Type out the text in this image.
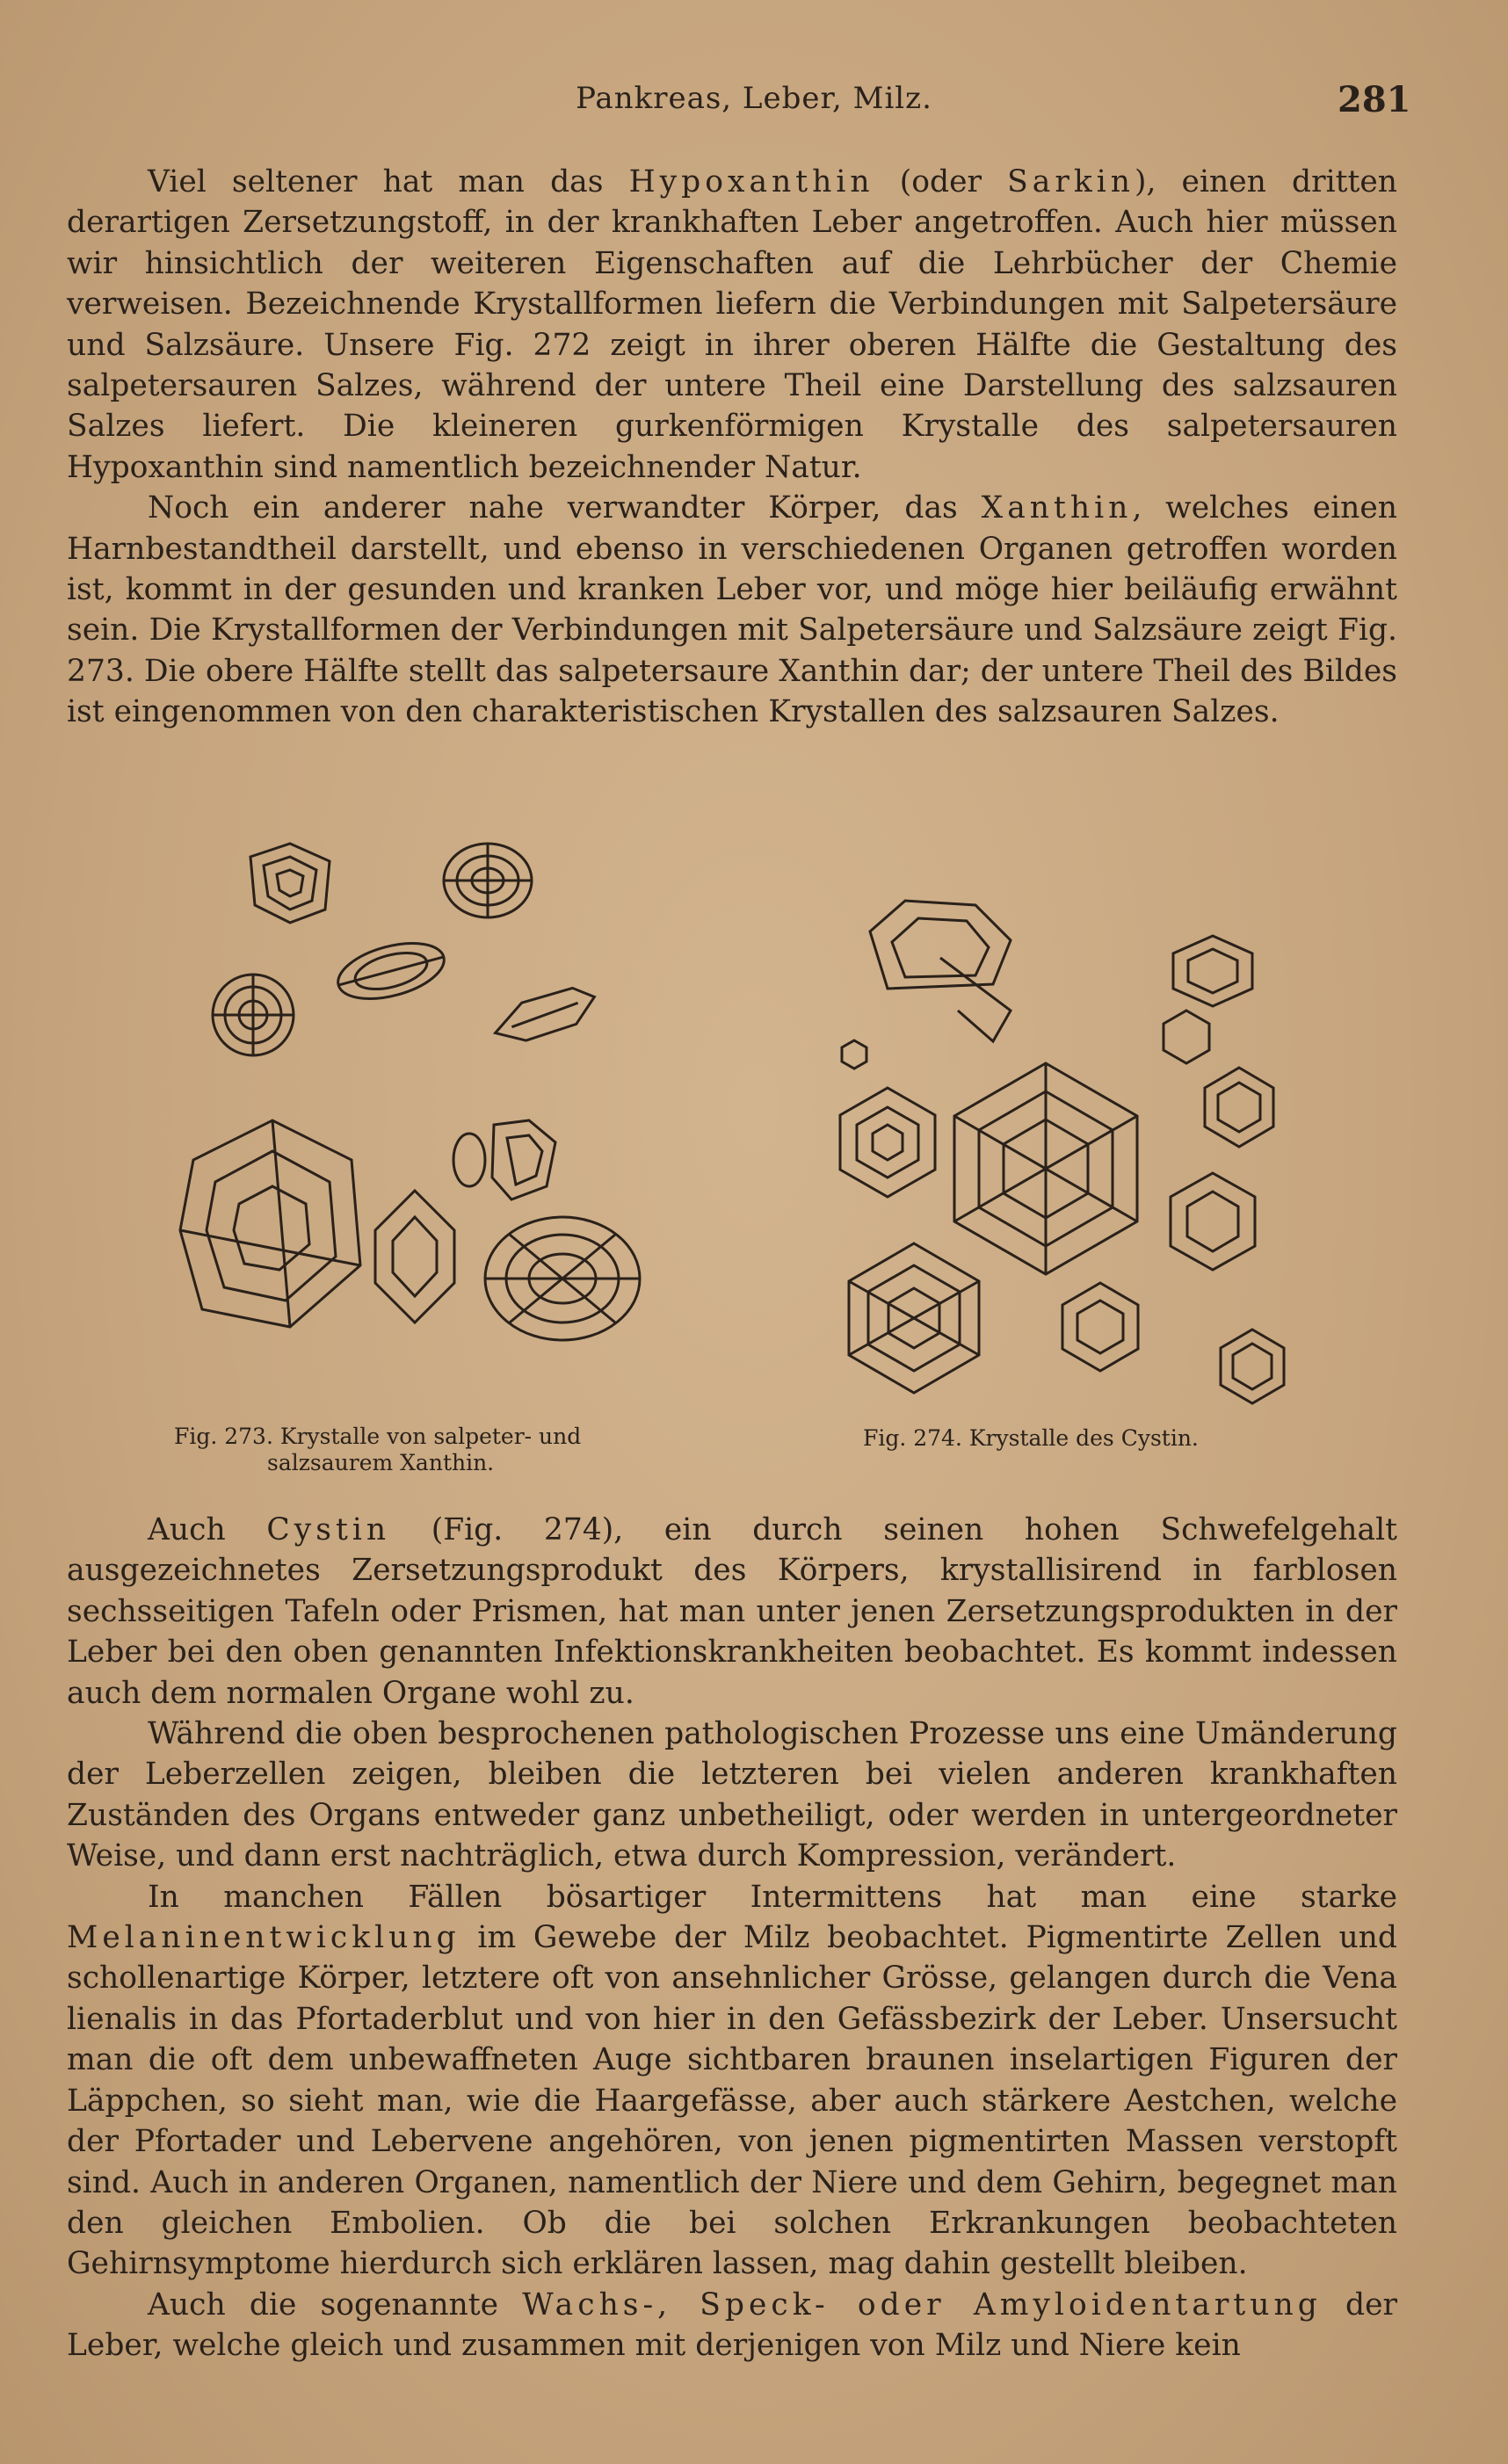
Pankreas, Leber, Milz.	281

Viel seltener hat man das Hypoxanthin (oder Sarkin), einen dritten derartigen Zersetzungstoff, in der krankhaften Leber angetroffen. Auch hier müssen wir hinsichtlich der weiteren Eigenschaften auf die Lehrbücher der Chemie verweisen. Bezeichnende Krystallformen liefern die Verbindungen mit Salpetersäure und Salzsäure. Unsere Fig. 272 zeigt in ihrer oberen Hälfte die Gestaltung des salpetersauren Salzes, während der untere Theil eine Darstellung des salzsauren Salzes liefert. Die kleineren gurkenförmigen Krystalle des salpetersauren Hypoxanthin sind namentlich bezeichnender Natur.

Noch ein anderer nahe verwandter Körper, das Xanthin, welches einen Harnbestandtheil darstellt, und ebenso in verschiedenen Organen getroffen worden ist, kommt in der gesunden und kranken Leber vor, und möge hier beiläufig erwähnt sein. Die Krystallformen der Verbindungen mit Salpetersäure und Salzsäure zeigt Fig. 273. Die obere Hälfte stellt das salpetersaure Xanthin dar; der untere Theil des Bildes ist eingenommen von den charakteristischen Krystallen des salzsauren Salzes.

Fig. 273. Krystalle von salpeter- und
salzsaurem Xanthin.
Fig. 274. Krystalle des Cystin.

Auch Cystin (Fig. 274), ein durch seinen hohen Schwefelgehalt ausgezeichnetes Zersetzungsprodukt des Körpers, krystallisirend in farblosen sechsseitigen Tafeln oder Prismen, hat man unter jenen Zersetzungsprodukten in der Leber bei den oben genannten Infektionskrankheiten beobachtet. Es kommt indessen auch dem normalen Organe wohl zu.

Während die oben besprochenen pathologischen Prozesse uns eine Umänderung der Leberzellen zeigen, bleiben die letzteren bei vielen anderen krankhaften Zuständen des Organs entweder ganz unbetheiligt, oder werden in untergeordneter Weise, und dann erst nachträglich, etwa durch Kompression, verändert.

In manchen Fällen bösartiger Intermittens hat man eine starke Melaninentwicklung im Gewebe der Milz beobachtet. Pigmentirte Zellen und schollenartige Körper, letztere oft von ansehnlicher Grösse, gelangen durch die Vena lienalis in das Pfortaderblut und von hier in den Gefässbezirk der Leber. Unsersucht man die oft dem unbewaffneten Auge sichtbaren braunen inselartigen Figuren der Läppchen, so sieht man, wie die Haargefässe, aber auch stärkere Aestchen, welche der Pfortader und Lebervene angehören, von jenen pigmentirten Massen verstopft sind. Auch in anderen Organen, namentlich der Niere und dem Gehirn, begegnet man den gleichen Embolien. Ob die bei solchen Erkrankungen beobachteten Gehirnsymptome hierdurch sich erklären lassen, mag dahin gestellt bleiben.

Auch die sogenannte Wachs-, Speck- oder Amyloidentartung der Leber, welche gleich und zusammen mit derjenigen von Milz und Niere kein
